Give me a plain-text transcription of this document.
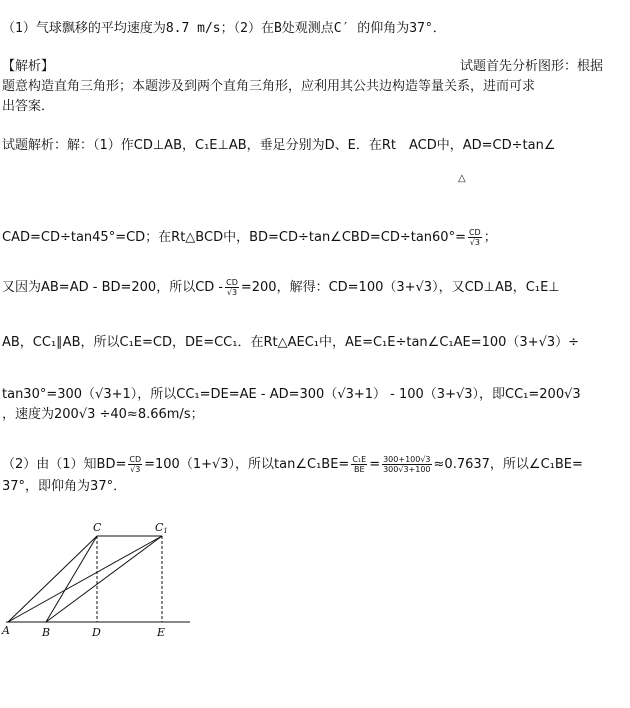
（1）气球飘移的平均速度为8.7 m/s；（2）在B处观测点C′ 的仰角为37°．
【解析】	试题首先分析图形：根据
题意构造直角三角形；本题涉及到两个直角三角形，应利用其公共边构造等量关系，进而可求
出答案．
试题解析：解：（1）作CD⊥AB，C₁E⊥AB，垂足分别为D、E．在Rt　ACD中，AD=CD÷tan∠
△
CAD=CD÷tan45°=CD；在Rt△BCD中，BD=CD÷tan∠CBD=CD÷tan60°= $\frac{CD}{√3}$ ；
又因为AB=AD - BD=200，所以CD - $\frac{CD}{√3} =200$，解得：CD=100（3+√3），又CD⊥AB，C₁E⊥
AB，CC₁∥AB，所以C₁E=CD，DE=CC₁．在Rt△AEC₁中，AE=C₁E÷tan∠C₁AE=100（3+√3）÷
tan30°=300（√3+1），所以CC₁=DE=AE - AD=300（√3+1） - 100（3+√3），即CC₁=200√3
，速度为200√3 ÷40≈8.66m/s；
（2）由（1）知$BD= \frac{CD}{√3} =100(1+√3)$，所以tan∠C₁BE= $\frac{\text{C₁E}}{BE} = \frac{300+100√3}{300√3+100} \approx 0.7637$，所以∠C₁BE=
37°，即仰角为37°．
C	C1
A	B	D	E
